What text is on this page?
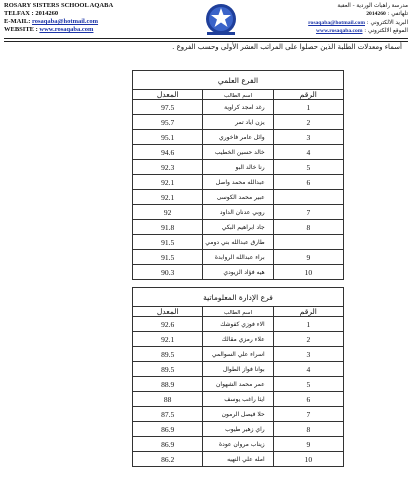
ROSARY SISTERS SCHOOL AQABA
TELFAX : 2014260
E-MAIL: rosaqaba@hotmail.com
WEBSITE : www.rosaqaba.com
مدرسة راهبات الوردية - العقبة
تلهاتفي : 2014260
البريد الالكتروني : rosaqaba@hotmail.com
الموقع الالكتروني : www.rosaqaba.com
أسماء ومعدلات الطلبة الذين حصلوا على المراتب العشر الأولى وحسب الفروع .
الفرع العلمي		
الرقم	اسم الطالب	المعدل
1	رغد امجد كراوية	97.5
2	يزن اياد تمر	95.7
3	وائل عامر فاخوري	95.1
4	خالد حسين الخطيب	94.6
5	رنا خالد البو	92.3
6	عبدالله محمد واصل	92.1
	عبير محمد الكوسى	92.1
7	روبي عدنان الداود	92
8	جاد ابراهيم البكي	91.8
	طارق عبدالله بني دومي	91.5
9	براء عبدالله الروابدة	91.5
10	هيه فؤاد الزيودي	90.3
فرع الإدارة المعلوماتية		
الرقم	اسم الطالب	المعدل
1	الاء فوزي كفوشك	92.6
2	علاء رمزي مقالك	92.1
3	اسراء علي السوالمي	89.5
4	بوانا فواز الطوال	89.5
5	عمر محمد الشهوان	88.9
6	ايثا راغب يوسف	88
7	حلا فيصل الرمون	87.5
8	راي زهير طيوب	86.9
9	زيناب مروان عودة	86.9
10	امله علي النهيه	86.2
